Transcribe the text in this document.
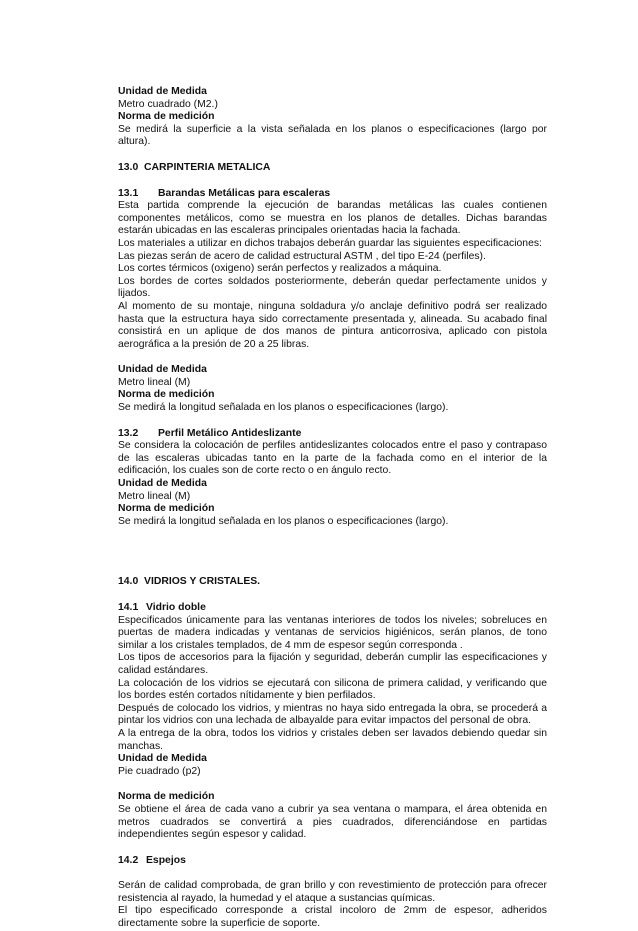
Unidad de Medida

Metro cuadrado (M2.)

Norma de medición

Se medirá la superficie a la vista señalada en los planos o especificaciones (largo por altura).

13.0 CARPINTERIA METALICA

13.1 Barandas Metálicas para escaleras

Esta partida comprende la ejecución de barandas metálicas las cuales contienen componentes metálicos, como se muestra en los planos de detalles. Dichas barandas estarán ubicadas en las escaleras principales orientadas hacia la fachada.

Los materiales a utilizar en dichos trabajos deberán guardar las siguientes especificaciones:

Las piezas serán de acero de calidad estructural ASTM , del tipo E-24 (perfiles).

Los cortes térmicos (oxigeno) serán perfectos y realizados a máquina.

Los bordes de cortes soldados posteriormente, deberán quedar perfectamente unidos y lijados.

Al momento de su montaje, ninguna soldadura y/o anclaje definitivo podrá ser realizado hasta que la estructura haya sido correctamente presentada y, alineada. Su acabado final consistirá en un aplique de dos manos de pintura anticorrosiva, aplicado con pistola aerográfica a la presión de 20 a 25 libras.

Unidad de Medida

Metro lineal (M)

Norma de medición

Se medirá la longitud señalada en los planos o especificaciones (largo).

13.2 Perfil Metálico Antideslizante

Se considera la colocación de perfiles antideslizantes colocados entre el paso y contrapaso de las escaleras ubicadas tanto en la parte de la fachada como en el interior de la edificación, los cuales son de corte recto o en ángulo recto.

Unidad de Medida

Metro lineal (M)

Norma de medición

Se medirá la longitud señalada en los planos o especificaciones (largo).

14.0 VIDRIOS Y CRISTALES.

14.1 Vidrio doble

Especificados únicamente para las ventanas interiores de todos los niveles; sobreluces en puertas de madera indicadas y ventanas de servicios higiénicos, serán planos, de tono similar a los cristales templados, de 4 mm de espesor según corresponda .

Los tipos de accesorios para la fijación y seguridad, deberán cumplir las especificaciones y calidad estándares.

La colocación de los vidrios se ejecutará con silicona de primera calidad, y verificando que los bordes estén cortados nítidamente y bien perfilados.

Después de colocado los vidrios, y mientras no haya sido entregada la obra, se procederá a pintar los vidrios con una lechada de albayalde para evitar impactos del personal de obra.

A la entrega de la obra, todos los vidrios y cristales deben ser lavados debiendo quedar sin manchas.

Unidad de Medida

Pie cuadrado (p2)

Norma de medición

Se obtiene el área de cada vano a cubrir ya sea ventana o mampara, el área obtenida en metros cuadrados se convertirá a pies cuadrados, diferenciándose en partidas independientes según espesor y calidad.

14.2 Espejos

Serán de calidad comprobada, de gran brillo y con revestimiento de protección para ofrecer resistencia al rayado, la humedad y el ataque a sustancias químicas.

El tipo especificado corresponde a cristal incoloro de 2mm de espesor, adheridos directamente sobre la superficie de soporte.
